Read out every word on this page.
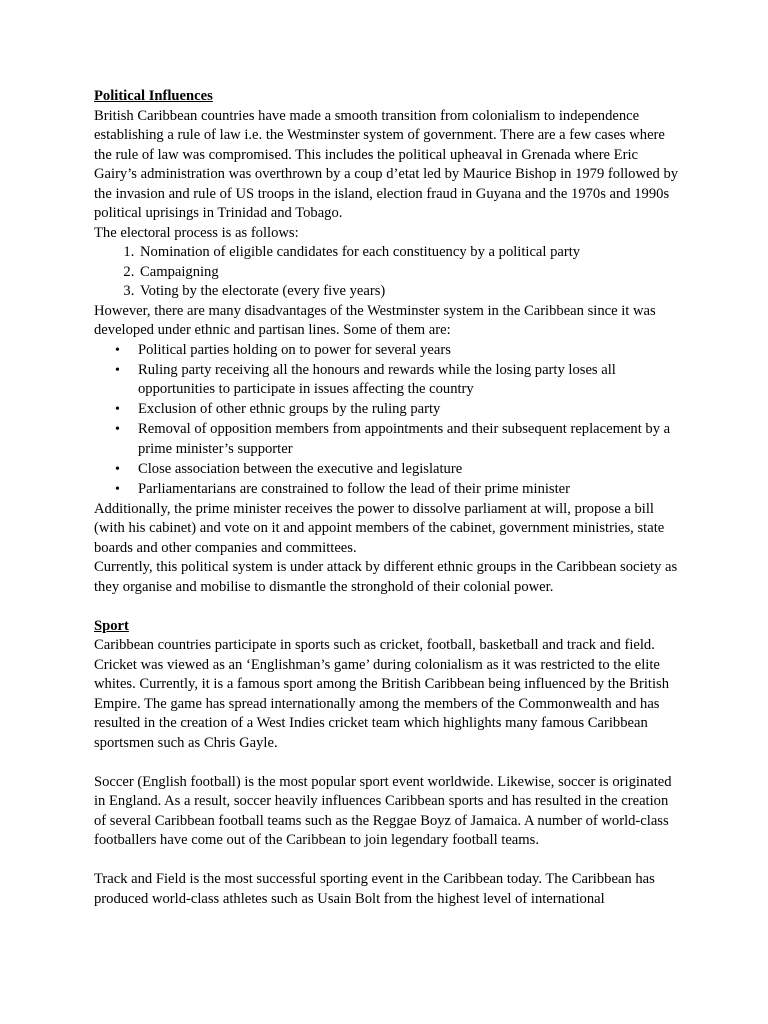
Political Influences

British Caribbean countries have made a smooth transition from colonialism to independence establishing a rule of law i.e. the Westminster system of government. There are a few cases where the rule of law was compromised. This includes the political upheaval in Grenada where Eric Gairy’s administration was overthrown by a coup d’etat led by Maurice Bishop in 1979 followed by the invasion and rule of US troops in the island, election fraud in Guyana and the 1970s and 1990s political uprisings in Trinidad and Tobago.

The electoral process is as follows:

1. Nomination of eligible candidates for each constituency by a political party
2. Campaigning
3. Voting by the electorate (every five years)

However, there are many disadvantages of the Westminster system in the Caribbean since it was developed under ethnic and partisan lines. Some of them are:

• Political parties holding on to power for several years
• Ruling party receiving all the honours and rewards while the losing party loses all opportunities to participate in issues affecting the country
• Exclusion of other ethnic groups by the ruling party
• Removal of opposition members from appointments and their subsequent replacement by a prime minister’s supporter
• Close association between the executive and legislature
• Parliamentarians are constrained to follow the lead of their prime minister

Additionally, the prime minister receives the power to dissolve parliament at will, propose a bill (with his cabinet) and vote on it and appoint members of the cabinet, government ministries, state boards and other companies and committees.

Currently, this political system is under attack by different ethnic groups in the Caribbean society as they organise and mobilise to dismantle the stronghold of their colonial power.

Sport

Caribbean countries participate in sports such as cricket, football, basketball and track and field. Cricket was viewed as an ‘Englishman’s game’ during colonialism as it was restricted to the elite whites. Currently, it is a famous sport among the British Caribbean being influenced by the British Empire. The game has spread internationally among the members of the Commonwealth and has resulted in the creation of a West Indies cricket team which highlights many famous Caribbean sportsmen such as Chris Gayle.

Soccer (English football) is the most popular sport event worldwide. Likewise, soccer is originated in England. As a result, soccer heavily influences Caribbean sports and has resulted in the creation of several Caribbean football teams such as the Reggae Boyz of Jamaica. A number of world-class footballers have come out of the Caribbean to join legendary football teams.

Track and Field is the most successful sporting event in the Caribbean today. The Caribbean has produced world-class athletes such as Usain Bolt from the highest level of international
